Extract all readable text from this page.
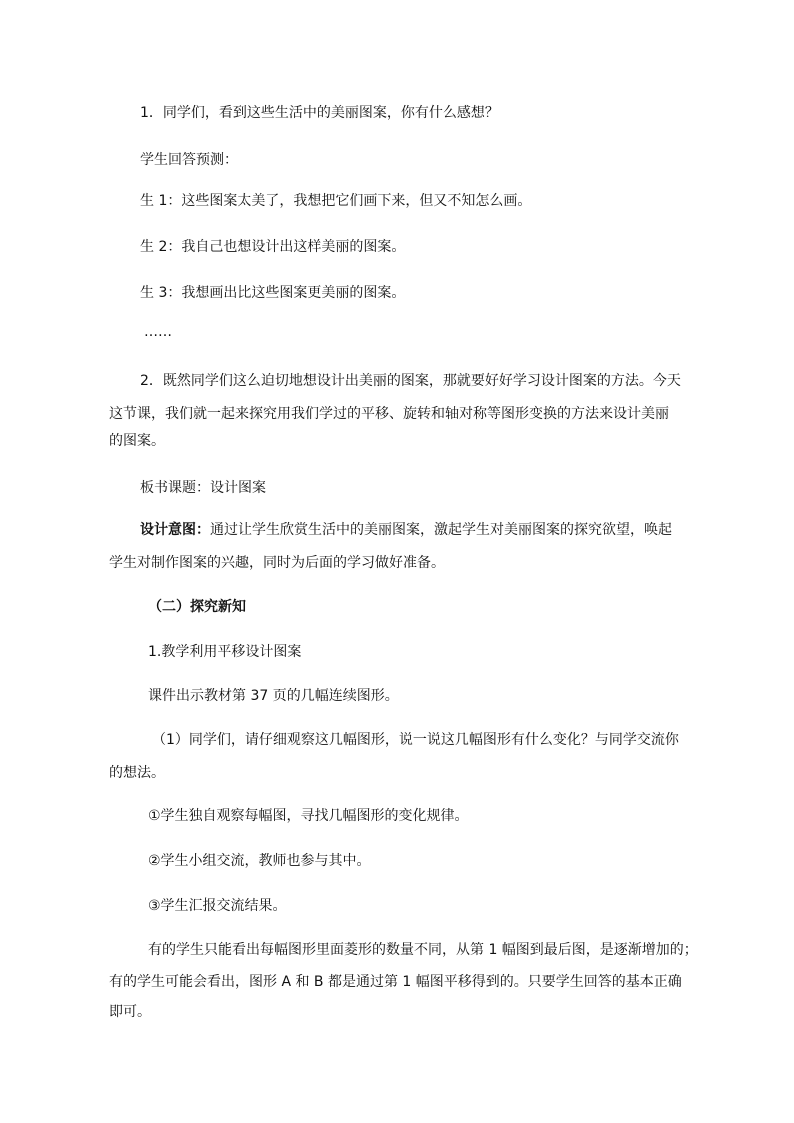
1．同学们，看到这些生活中的美丽图案，你有什么感想？
学生回答预测：
生 1：这些图案太美了，我想把它们画下来，但又不知怎么画。
生 2：我自己也想设计出这样美丽的图案。
生 3：我想画出比这些图案更美丽的图案。
……
2．既然同学们这么迫切地想设计出美丽的图案，那就要好好学习设计图案的方法。今天
这节课，我们就一起来探究用我们学过的平移、旋转和轴对称等图形变换的方法来设计美丽
的图案。
板书课题：设计图案
设计意图：通过让学生欣赏生活中的美丽图案，激起学生对美丽图案的探究欲望，唤起
学生对制作图案的兴趣，同时为后面的学习做好准备。
（二）探究新知
1.教学利用平移设计图案
课件出示教材第 37 页的几幅连续图形。
（1）同学们，请仔细观察这几幅图形，说一说这几幅图形有什么变化？与同学交流你
的想法。
①学生独自观察每幅图，寻找几幅图形的变化规律。
②学生小组交流，教师也参与其中。
③学生汇报交流结果。
有的学生只能看出每幅图形里面菱形的数量不同，从第 1 幅图到最后图，是逐渐增加的；
有的学生可能会看出，图形 A 和 B 都是通过第 1 幅图平移得到的。只要学生回答的基本正确
即可。
